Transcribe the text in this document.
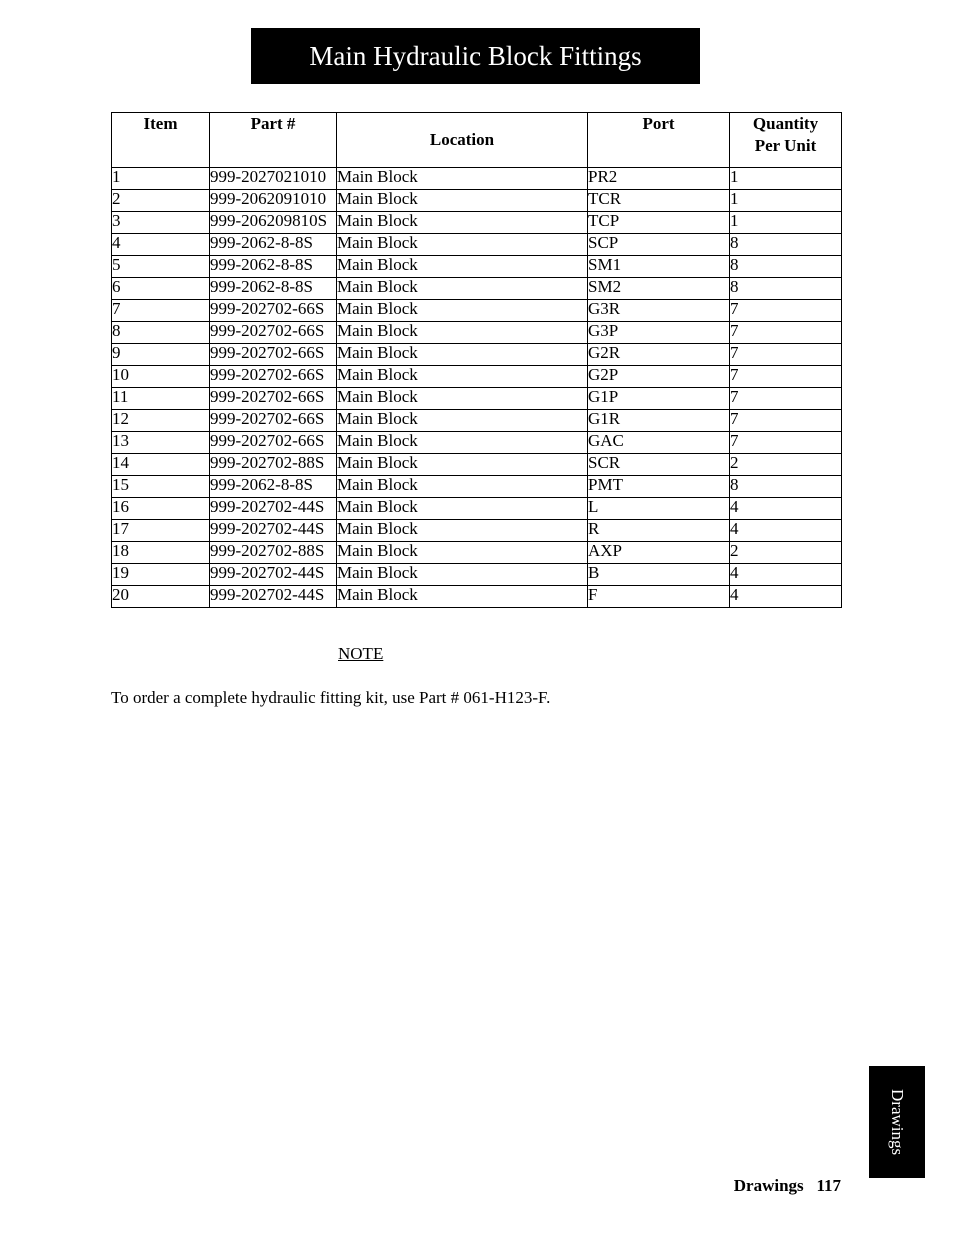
Main Hydraulic Block Fittings
Item	Part #	Location	Port	Quantity
Per Unit
1	999-2027021010	Main Block	PR2	1
2	999-2062091010	Main Block	TCR	1
3	999-206209810S	Main Block	TCP	1
4	999-2062-8-8S	Main Block	SCP	8
5	999-2062-8-8S	Main Block	SM1	8
6	999-2062-8-8S	Main Block	SM2	8
7	999-202702-66S	Main Block	G3R	7
8	999-202702-66S	Main Block	G3P	7
9	999-202702-66S	Main Block	G2R	7
10	999-202702-66S	Main Block	G2P	7
11	999-202702-66S	Main Block	G1P	7
12	999-202702-66S	Main Block	G1R	7
13	999-202702-66S	Main Block	GAC	7
14	999-202702-88S	Main Block	SCR	2
15	999-2062-8-8S	Main Block	PMT	8
16	999-202702-44S	Main Block	L	4
17	999-202702-44S	Main Block	R	4
18	999-202702-88S	Main Block	AXP	2
19	999-202702-44S	Main Block	B	4
20	999-202702-44S	Main Block	F	4
NOTE
To order a complete hydraulic fitting kit, use Part # 061-H123-F.
Drawings
Drawings 117
